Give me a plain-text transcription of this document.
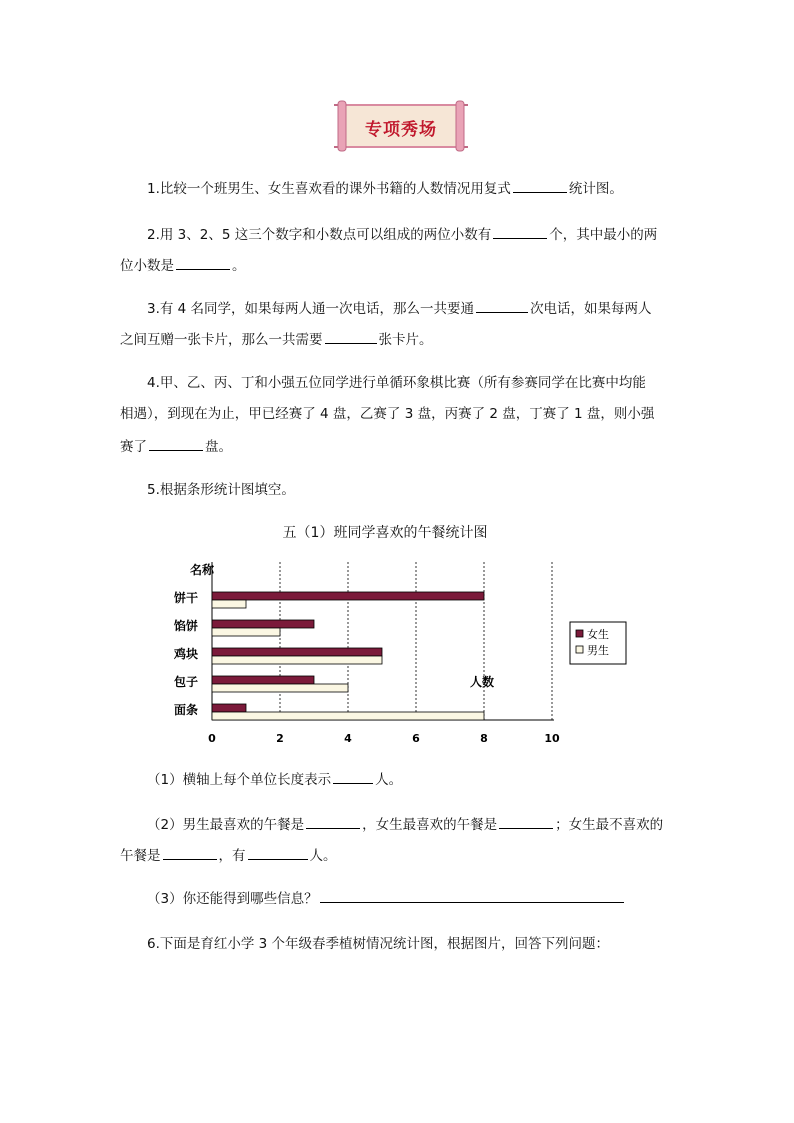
专项秀场
1.比较一个班男生、女生喜欢看的课外书籍的人数情况用复式	统计图。
2.用 3、2、5 这三个数字和小数点可以组成的两位小数有	个，其中最小的两
位小数是	。
3.有 4 名同学，如果每两人通一次电话，那么一共要通	次电话，如果每两人
之间互赠一张卡片，那么一共需要	张卡片。
4.甲、乙、丙、丁和小强五位同学进行单循环象棋比赛（所有参赛同学在比赛中均能
相遇），到现在为止，甲已经赛了 4 盘，乙赛了 3 盘，丙赛了 2 盘，丁赛了 1 盘，则小强
赛了	盘。
5.根据条形统计图填空。
五（1）班同学喜欢的午餐统计图
名称
0	2	4	6	8	10
饼干
馅饼
鸡块
包子
面条
人数
女生
男生
（1）横轴上每个单位长度表示	人。
（2）男生最喜欢的午餐是	，女生最喜欢的午餐是	；女生最不喜欢的
午餐是	，有	人。
（3）你还能得到哪些信息？
6.下面是育红小学 3 个年级春季植树情况统计图，根据图片，回答下列问题：
